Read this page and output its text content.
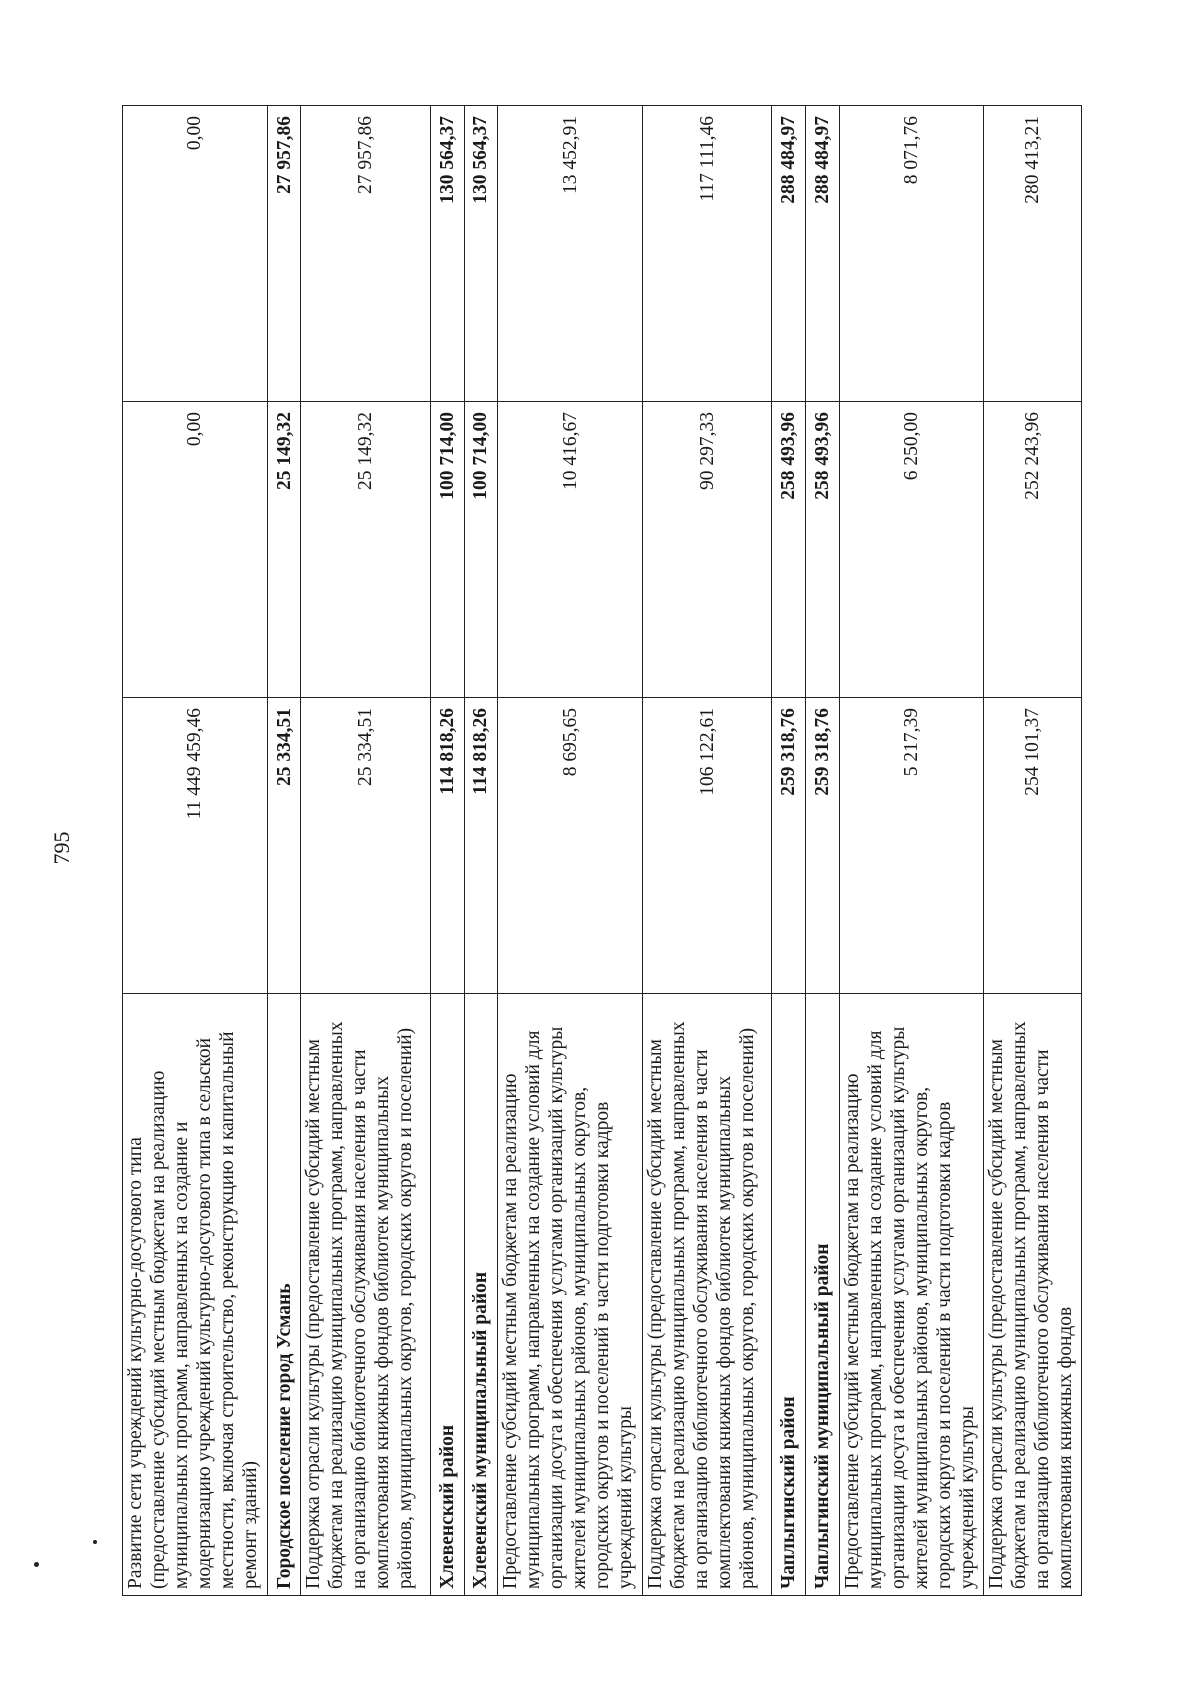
795
Развитие сети учреждений культурно-досугового типа (предоставление субсидий местным бюджетам на реализацию муниципальных программ, направленных на создание и модернизацию учреждений культурно-досугового типа в сельской местности, включая строительство, реконструкцию и капитальный ремонт зданий)	11 449 459,46	0,00	0,00
Городское поселение город Усмань	25 334,51	25 149,32	27 957,86
Поддержка отрасли культуры (предоставление субсидий местным бюджетам на реализацию муниципальных программ, направленных на организацию библиотечного обслуживания населения в части комплектования книжных фондов библиотек муниципальных районов, муниципальных округов, городских округов и поселений)	25 334,51	25 149,32	27 957,86
Хлевенский район	114 818,26	100 714,00	130 564,37
Хлевенский муниципальный район	114 818,26	100 714,00	130 564,37
Предоставление субсидий местным бюджетам на реализацию муниципальных программ, направленных на создание условий для организации досуга и обеспечения услугами организаций культуры жителей муниципальных районов, муниципальных округов, городских округов и поселений в части подготовки кадров учреждений культуры	8 695,65	10 416,67	13 452,91
Поддержка отрасли культуры (предоставление субсидий местным бюджетам на реализацию муниципальных программ, направленных на организацию библиотечного обслуживания населения в части комплектования книжных фондов библиотек муниципальных районов, муниципальных округов, городских округов и поселений)	106 122,61	90 297,33	117 111,46
Чаплыгинский район	259 318,76	258 493,96	288 484,97
Чаплыгинский муниципальный район	259 318,76	258 493,96	288 484,97
Предоставление субсидий местным бюджетам на реализацию муниципальных программ, направленных на создание условий для организации досуга и обеспечения услугами организаций культуры жителей муниципальных районов, муниципальных округов, городских округов и поселений в части подготовки кадров учреждений культуры	5 217,39	6 250,00	8 071,76
Поддержка отрасли культуры (предоставление субсидий местным бюджетам на реализацию муниципальных программ, направленных на организацию библиотечного обслуживания населения в части комплектования книжных фондов	254 101,37	252 243,96	280 413,21
